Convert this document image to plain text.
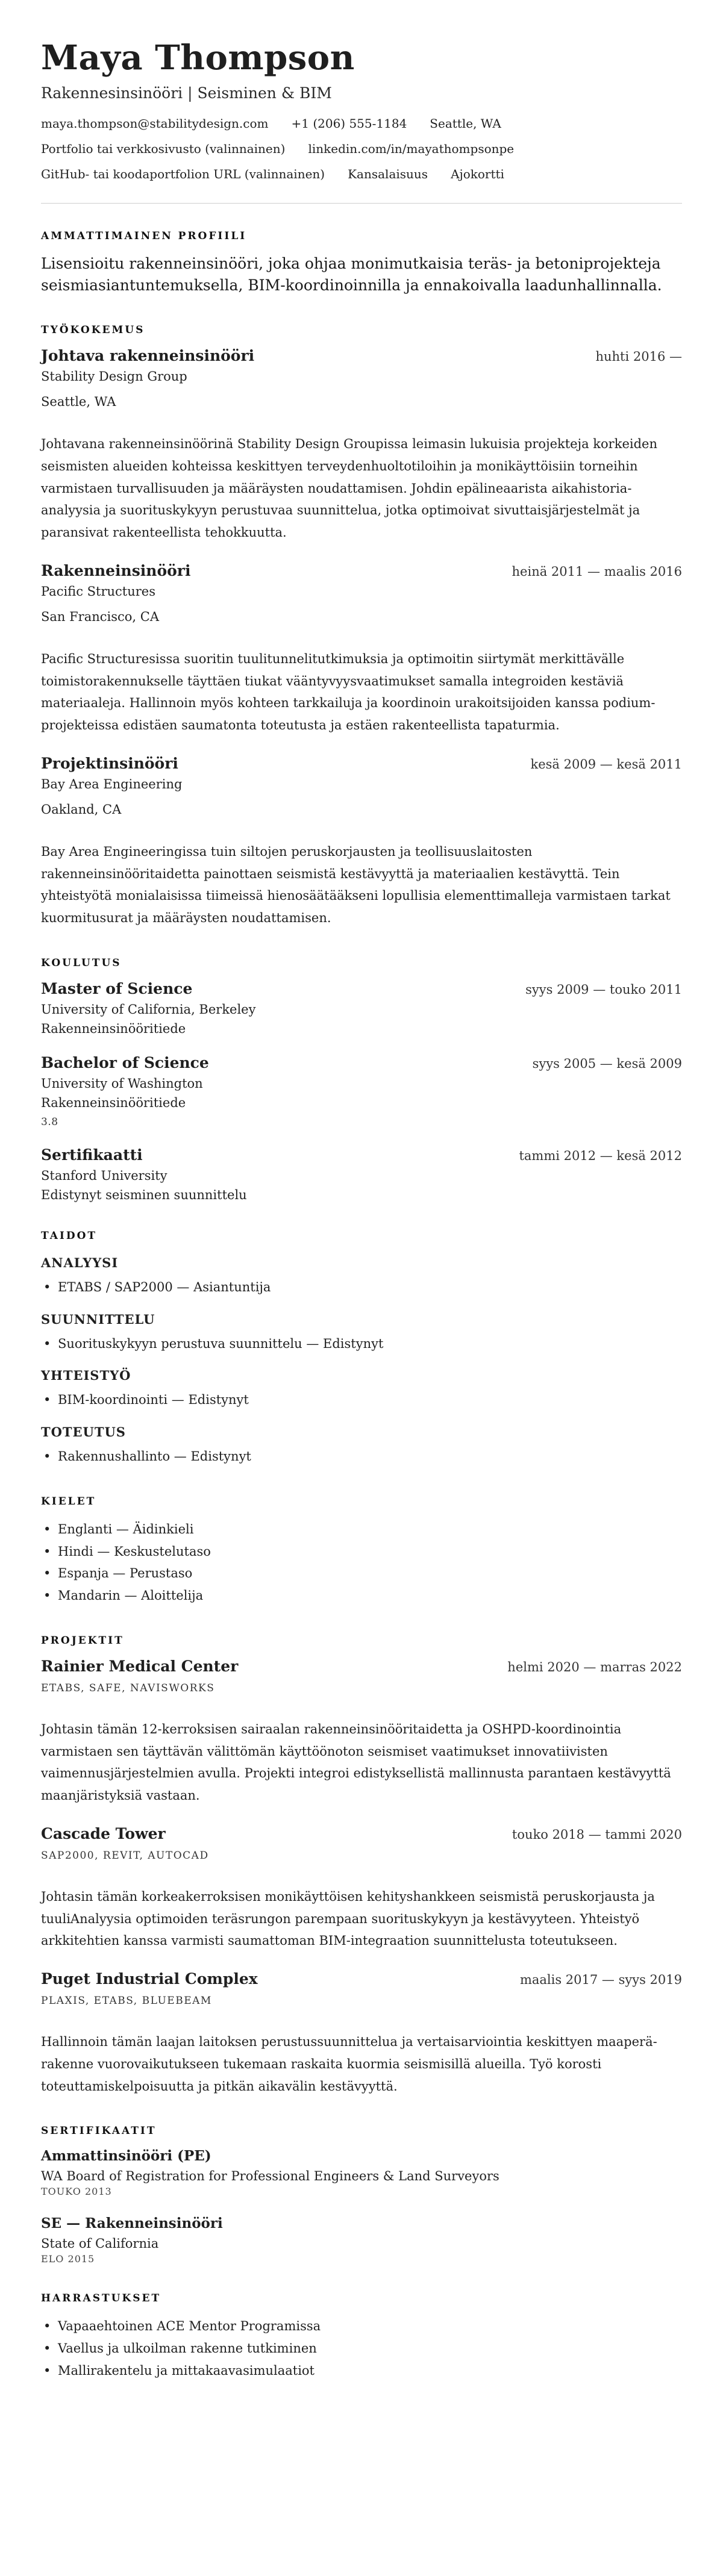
Maya Thompson
Rakennesinsinööri | Seisminen & BIM
maya.thompson@stabilitydesign.com +1 (206) 555-1184 Seattle, WA
Portfolio tai verkkosivusto (valinnainen) linkedin.com/in/mayathompsonpe
GitHub- tai koodaportfolion URL (valinnainen) Kansalaisuus Ajokortti
AMMATTIMAINEN PROFIILI
Lisensioitu rakenneinsinööri, joka ohjaa monimutkaisia teräs- ja betoniprojekteja seismiasiantuntemuksella, BIM-koordinoinnilla ja ennakoivalla laadunhallinnalla.
TYÖKOKEMUS
Johtava rakenneinsinööri	huhti 2016 —
Stability Design Group
Seattle, WA
Johtavana rakenneinsinöörinä Stability Design Groupissa leimasin lukuisia projekteja korkeiden seismisten alueiden kohteissa keskittyen terveydenhuoltotiloihin ja monikäyttöisiin torneihin varmistaen turvallisuuden ja määräysten noudattamisen. Johdin epälineaarista aikahistoria-analyysia ja suorituskykyyn perustuvaa suunnittelua, jotka optimoivat sivuttaisjärjestelmät ja paransivat rakenteellista tehokkuutta.
Rakenneinsinööri	heinä 2011 — maalis 2016
Pacific Structures
San Francisco, CA
Pacific Structuresissa suoritin tuulitunnelitutkimuksia ja optimoitin siirtymät merkittävälle toimistorakennukselle täyttäen tiukat vääntyvyysvaatimukset samalla integroiden kestäviä materiaaleja. Hallinnoin myös kohteen tarkkailuja ja koordinoin urakoitsijoiden kanssa podium-projekteissa edistäen saumatonta toteutusta ja estäen rakenteellista tapaturmia.
Projektinsinööri	kesä 2009 — kesä 2011
Bay Area Engineering
Oakland, CA
Bay Area Engineeringissa tuin siltojen peruskorjausten ja teollisuuslaitosten rakenneinsinööritaidetta painottaen seismistä kestävyyttä ja materiaalien kestävyttä. Tein yhteistyötä monialaisissa tiimeissä hienosäätääkseni lopullisia elementtimalleja varmistaen tarkat kuormitusurat ja määräysten noudattamisen.
KOULUTUS
Master of Science	syys 2009 — touko 2011
University of California, Berkeley
Rakenneinsinööritiede
Bachelor of Science	syys 2005 — kesä 2009
University of Washington
Rakenneinsinööritiede
3.8
Sertifikaatti	tammi 2012 — kesä 2012
Stanford University
Edistynyt seisminen suunnittelu
TAIDOT
ANALYYSI
• ETABS / SAP2000 — Asiantuntija
SUUNNITTELU
• Suorituskykyyn perustuva suunnittelu — Edistynyt
YHTEISTYÖ
• BIM-koordinointi — Edistynyt
TOTEUTUS
• Rakennushallinto — Edistynyt
KIELET
• Englanti — Äidinkieli
• Hindi — Keskustelutaso
• Espanja — Perustaso
• Mandarin — Aloittelija
PROJEKTIT
Rainier Medical Center	helmi 2020 — marras 2022
ETABS, SAFE, NAVISWORKS
Johtasin tämän 12-kerroksisen sairaalan rakenneinsinööritaidetta ja OSHPD-koordinointia varmistaen sen täyttävän välittömän käyttöönoton seismiset vaatimukset innovatiivisten vaimennusjärjestelmien avulla. Projekti integroi edistyksellistä mallinnusta parantaen kestävyyttä maanjäristyksiä vastaan.
Cascade Tower	touko 2018 — tammi 2020
SAP2000, REVIT, AUTOCAD
Johtasin tämän korkeakerroksisen monikäyttöisen kehityshankkeen seismistä peruskorjausta ja tuuliAnalyysia optimoiden teräsrungon parempaan suorituskykyyn ja kestävyyteen. Yhteistyö arkkitehtien kanssa varmisti saumattoman BIM-integraation suunnittelusta toteutukseen.
Puget Industrial Complex	maalis 2017 — syys 2019
PLAXIS, ETABS, BLUEBEAM
Hallinnoin tämän laajan laitoksen perustussuunnittelua ja vertaisarviointia keskittyen maaperä-rakenne vuorovaikutukseen tukemaan raskaita kuormia seismisillä alueilla. Työ korosti toteuttamiskelpoisuutta ja pitkän aikavälin kestävyyttä.
SERTIFIKAATIT
Ammattinsinööri (PE)
WA Board of Registration for Professional Engineers & Land Surveyors
TOUKO 2013
SE — Rakenneinsinööri
State of California
ELO 2015
HARRASTUKSET
• Vapaaehtoinen ACE Mentor Programissa
• Vaellus ja ulkoilman rakenne tutkiminen
• Mallirakentelu ja mittakaavasimulaatiot
